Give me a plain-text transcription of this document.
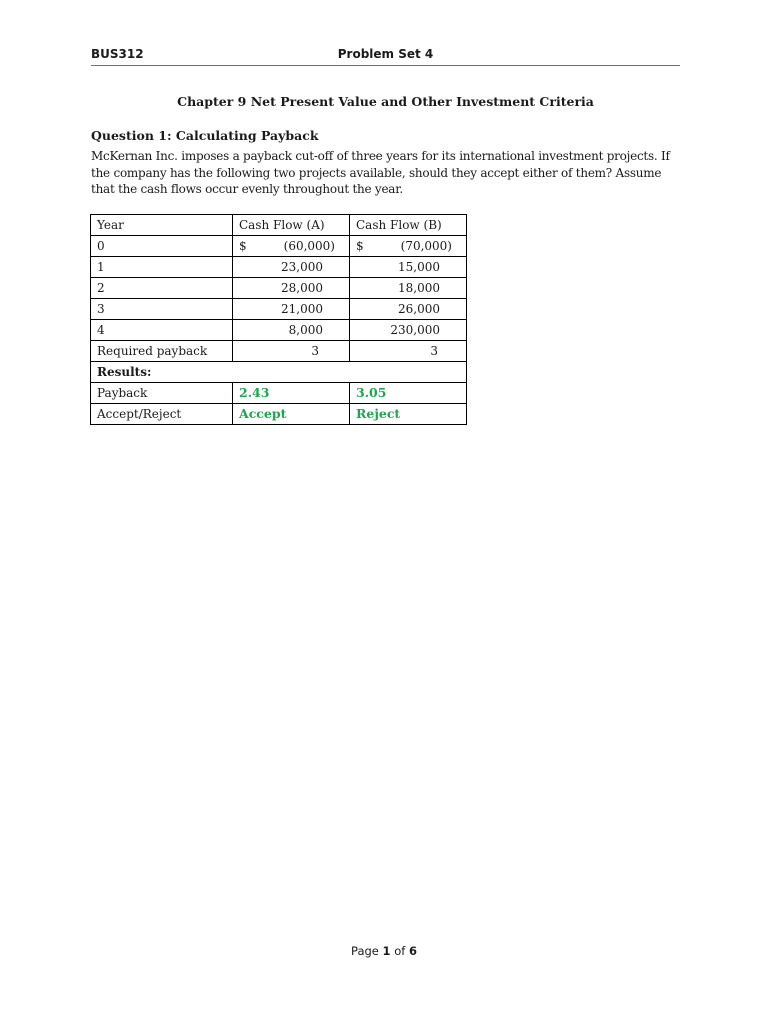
BUS312	Problem Set 4
Chapter 9 Net Present Value and Other Investment Criteria
Question 1: Calculating Payback
McKernan Inc. imposes a payback cut-off of three years for its international investment projects. If the company has the following two projects available, should they accept either of them? Assume that the cash flows occur evenly throughout the year.
Year	Cash Flow (A)	Cash Flow (B)
0	$ (60,000)	$ (70,000)

1	23,000	15,000
2	28,000	18,000
3	21,000	26,000
4	8,000	230,000
Required payback	3	3
Results:		
Payback	2.43	3.05
Accept/Reject	Accept	Reject
Page 1 of 6
